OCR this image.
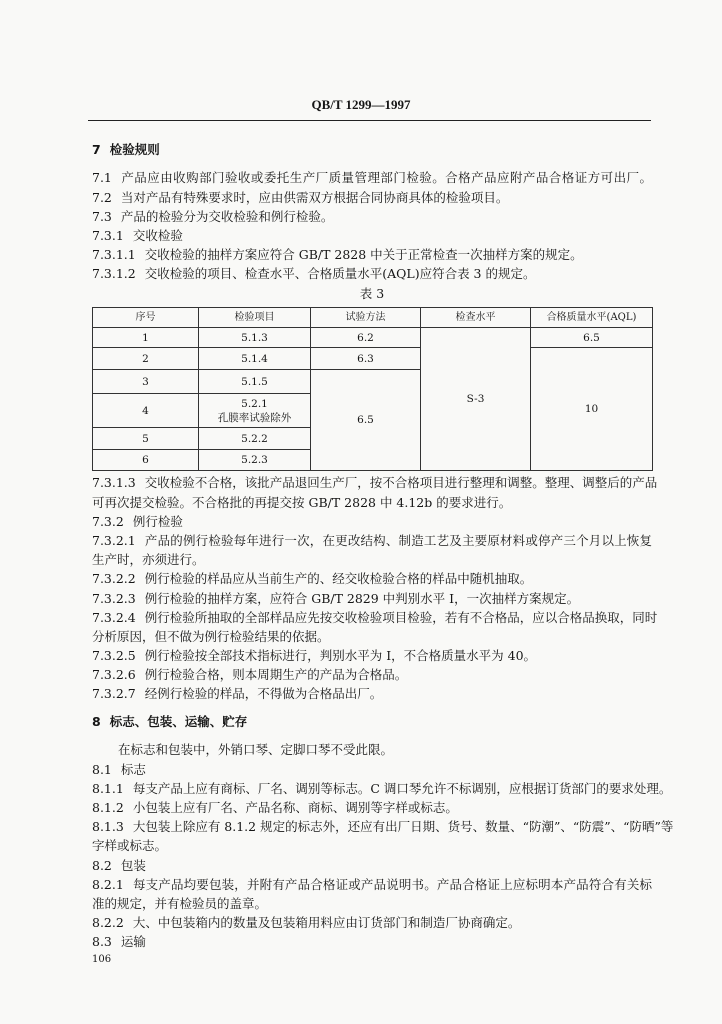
QB/T 1299—1997
7 检验规则
7.1 产品应由收购部门验收或委托生产厂质量管理部门检验。合格产品应附产品合格证方可出厂。
7.2 当对产品有特殊要求时，应由供需双方根据合同协商具体的检验项目。
7.3 产品的检验分为交收检验和例行检验。
7.3.1 交收检验
7.3.1.1 交收检验的抽样方案应符合 GB/T 2828 中关于正常检查一次抽样方案的规定。
7.3.1.2 交收检验的项目、检查水平、合格质量水平(AQL)应符合表 3 的规定。
表 3
序号	检验项目	试验方法	检查水平	合格质量水平(AQL)
1	5.1.3	6.2	S-3	6.5
2	5.1.4	6.3		10
3	5.1.5	6.5		
4	5.2.1
孔膜率试验除外			

5	5.2.2			
6	5.2.3			
7.3.1.3 交收检验不合格，该批产品退回生产厂，按不合格项目进行整理和调整。整理、调整后的产品
可再次提交检验。不合格批的再提交按 GB/T 2828 中 4.12b 的要求进行。
7.3.2 例行检验
7.3.2.1 产品的例行检验每年进行一次，在更改结构、制造工艺及主要原材料或停产三个月以上恢复
生产时，亦须进行。
7.3.2.2 例行检验的样品应从当前生产的、经交收检验合格的样品中随机抽取。
7.3.2.3 例行检验的抽样方案，应符合 GB/T 2829 中判别水平 I，一次抽样方案规定。
7.3.2.4 例行检验所抽取的全部样品应先按交收检验项目检验，若有不合格品，应以合格品换取，同时
分析原因，但不做为例行检验结果的依据。
7.3.2.5 例行检验按全部技术指标进行，判别水平为 I，不合格质量水平为 40。
7.3.2.6 例行检验合格，则本周期生产的产品为合格品。
7.3.2.7 经例行检验的样品，不得做为合格品出厂。
8 标志、包装、运输、贮存
在标志和包装中，外销口琴、定脚口琴不受此限。
8.1 标志
8.1.1 每支产品上应有商标、厂名、调别等标志。C 调口琴允许不标调别，应根据订货部门的要求处理。
8.1.2 小包装上应有厂名、产品名称、商标、调别等字样或标志。
8.1.3 大包装上除应有 8.1.2 规定的标志外，还应有出厂日期、货号、数量、“防潮”、“防震”、“防晒”等
字样或标志。
8.2 包装
8.2.1 每支产品均要包装，并附有产品合格证或产品说明书。产品合格证上应标明本产品符合有关标
准的规定，并有检验员的盖章。
8.2.2 大、中包装箱内的数量及包装箱用料应由订货部门和制造厂协商确定。
8.3 运输
106
